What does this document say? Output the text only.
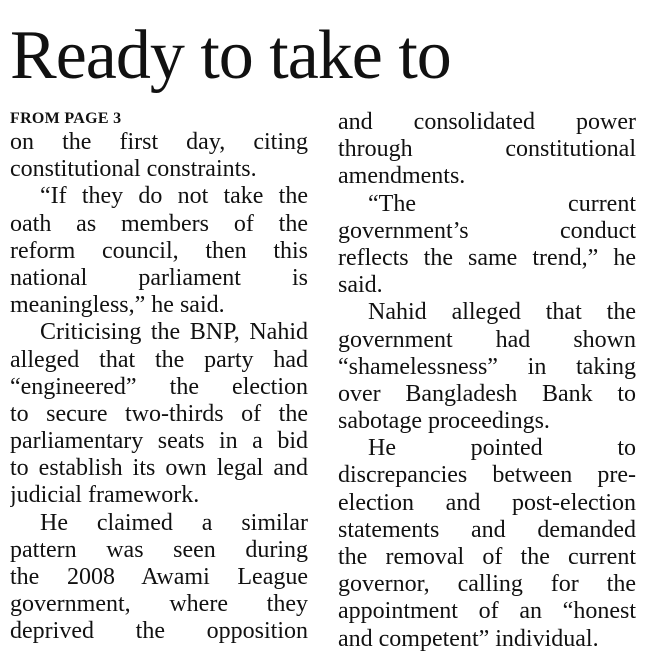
Ready to take to
FROM PAGE 3
on the first day, citing
constitutional constraints.
“If they do not take the
oath as members of the
reform council, then this
national parliament is
meaningless,” he said.
Criticising the BNP, Nahid
alleged that the party had
“engineered” the election
to secure two-thirds of the
parliamentary seats in a bid
to establish its own legal and
judicial framework.
He claimed a similar
pattern was seen during
the 2008 Awami League
government, where they
deprived the opposition
and consolidated power
through constitutional
amendments.
“The current
government’s conduct
reflects the same trend,” he
said.
Nahid alleged that the
government had shown
“shamelessness” in taking
over Bangladesh Bank to
sabotage proceedings.
He pointed to
discrepancies between pre-
election and post-election
statements and demanded
the removal of the current
governor, calling for the
appointment of an “honest
and competent” individual.
